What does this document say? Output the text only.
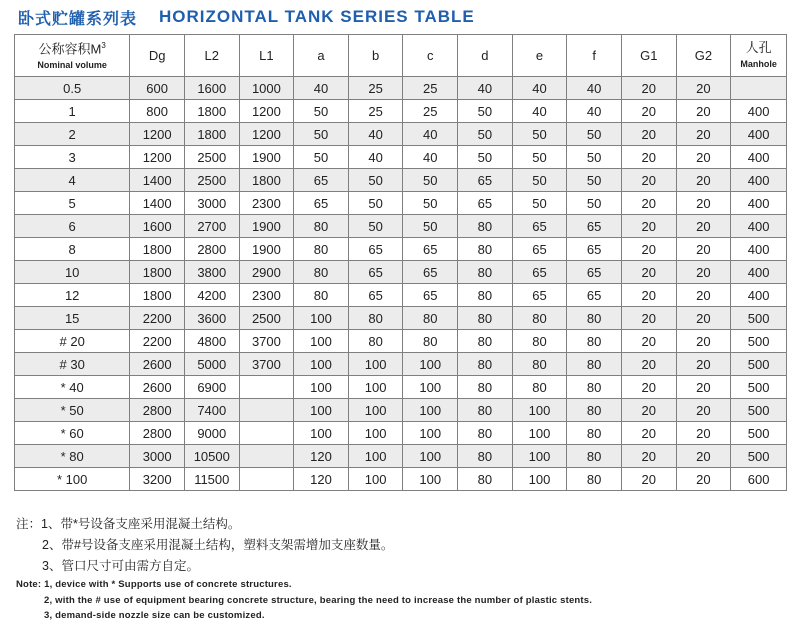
卧式贮罐系列表 HORIZONTAL TANK SERIES TABLE
公称容积$M^3$
Nominal volume	Dg	L2	L1	a	b	c	d	e	f	G1	G2	人孔
Manhole

0.5	600	1600	1000	40	25	25	40	40	40	20	20	
1	800	1800	1200	50	25	25	50	40	40	20	20	400
2	1200	1800	1200	50	40	40	50	50	50	20	20	400
3	1200	2500	1900	50	40	40	50	50	50	20	20	400
4	1400	2500	1800	65	50	50	65	50	50	20	20	400
5	1400	3000	2300	65	50	50	65	50	50	20	20	400
6	1600	2700	1900	80	50	50	80	65	65	20	20	400
8	1800	2800	1900	80	65	65	80	65	65	20	20	400
10	1800	3800	2900	80	65	65	80	65	65	20	20	400
12	1800	4200	2300	80	65	65	80	65	65	20	20	400
15	2200	3600	2500	100	80	80	80	80	80	20	20	500
# 20	2200	4800	3700	100	80	80	80	80	80	20	20	500
# 30	2600	5000	3700	100	100	100	80	80	80	20	20	500
* 40	2600	6900		100	100	100	80	80	80	20	20	500
* 50	2800	7400		100	100	100	80	100	80	20	20	500
* 60	2800	9000		100	100	100	80	100	80	20	20	500
* 80	3000	10500		120	100	100	80	100	80	20	20	500
* 100	3200	11500		120	100	100	80	100	80	20	20	600
注：1、带*号设备支座采用混凝土结构。
2、带#号设备支座采用混凝土结构，塑料支架需增加支座数量。
3、管口尺寸可由需方自定。
Note: 1, device with * Supports use of concrete structures.
2, with the # use of equipment bearing concrete structure, bearing the need to increase the number of plastic stents.
3, demand-side nozzle size can be customized.
